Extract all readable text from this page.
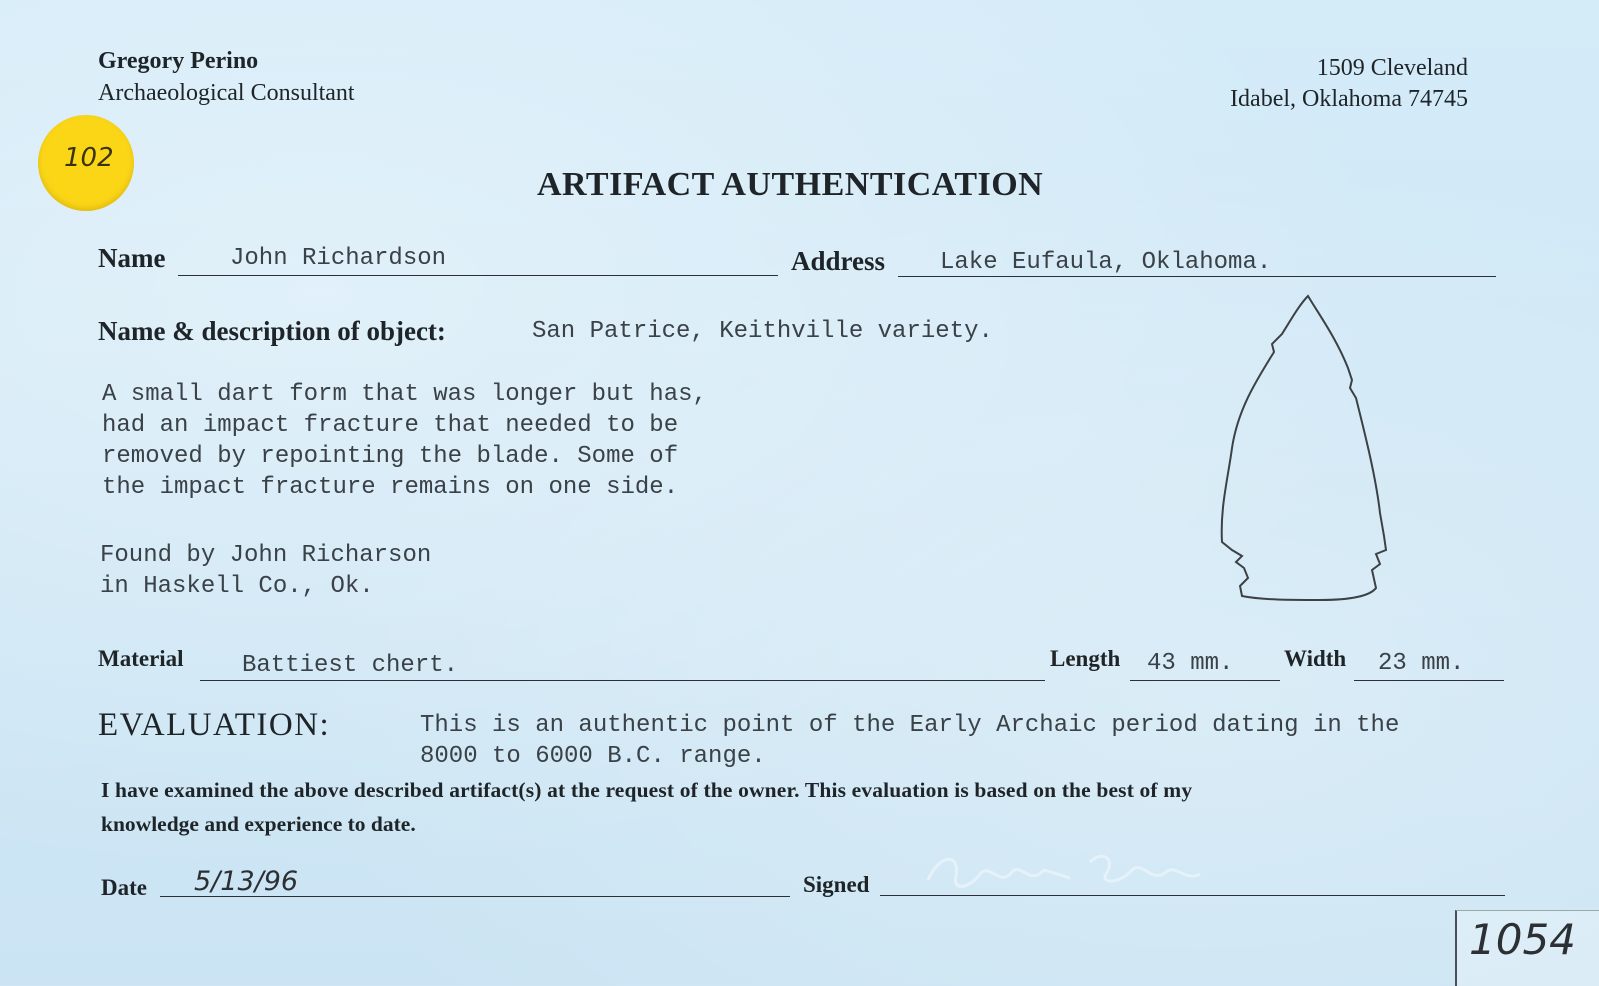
Gregory Perino
Archaeological Consultant
1509 Cleveland
Idabel, Oklahoma 74745
102
ARTIFACT AUTHENTICATION
Name	John Richardson	Address Lake Eufaula, Oklahoma.
Name & description of object:	San Patrice, Keithville variety.
A small dart form that was longer but has,
had an impact fracture that needed to be
removed by repointing the blade. Some of
the impact fracture remains on one side.
Found by John Richarson
in Haskell Co., Ok.
Material Battiest chert.	Length 43 mm. Width 23 mm.
EVALUATION:	This is an authentic point of the Early Archaic period dating in the
8000 to 6000 B.C. range.
I have examined the above described artifact(s) at the request of the owner. This evaluation is based on the best of my
knowledge and experience to date.
Date 5/13/96	Signed
1054
